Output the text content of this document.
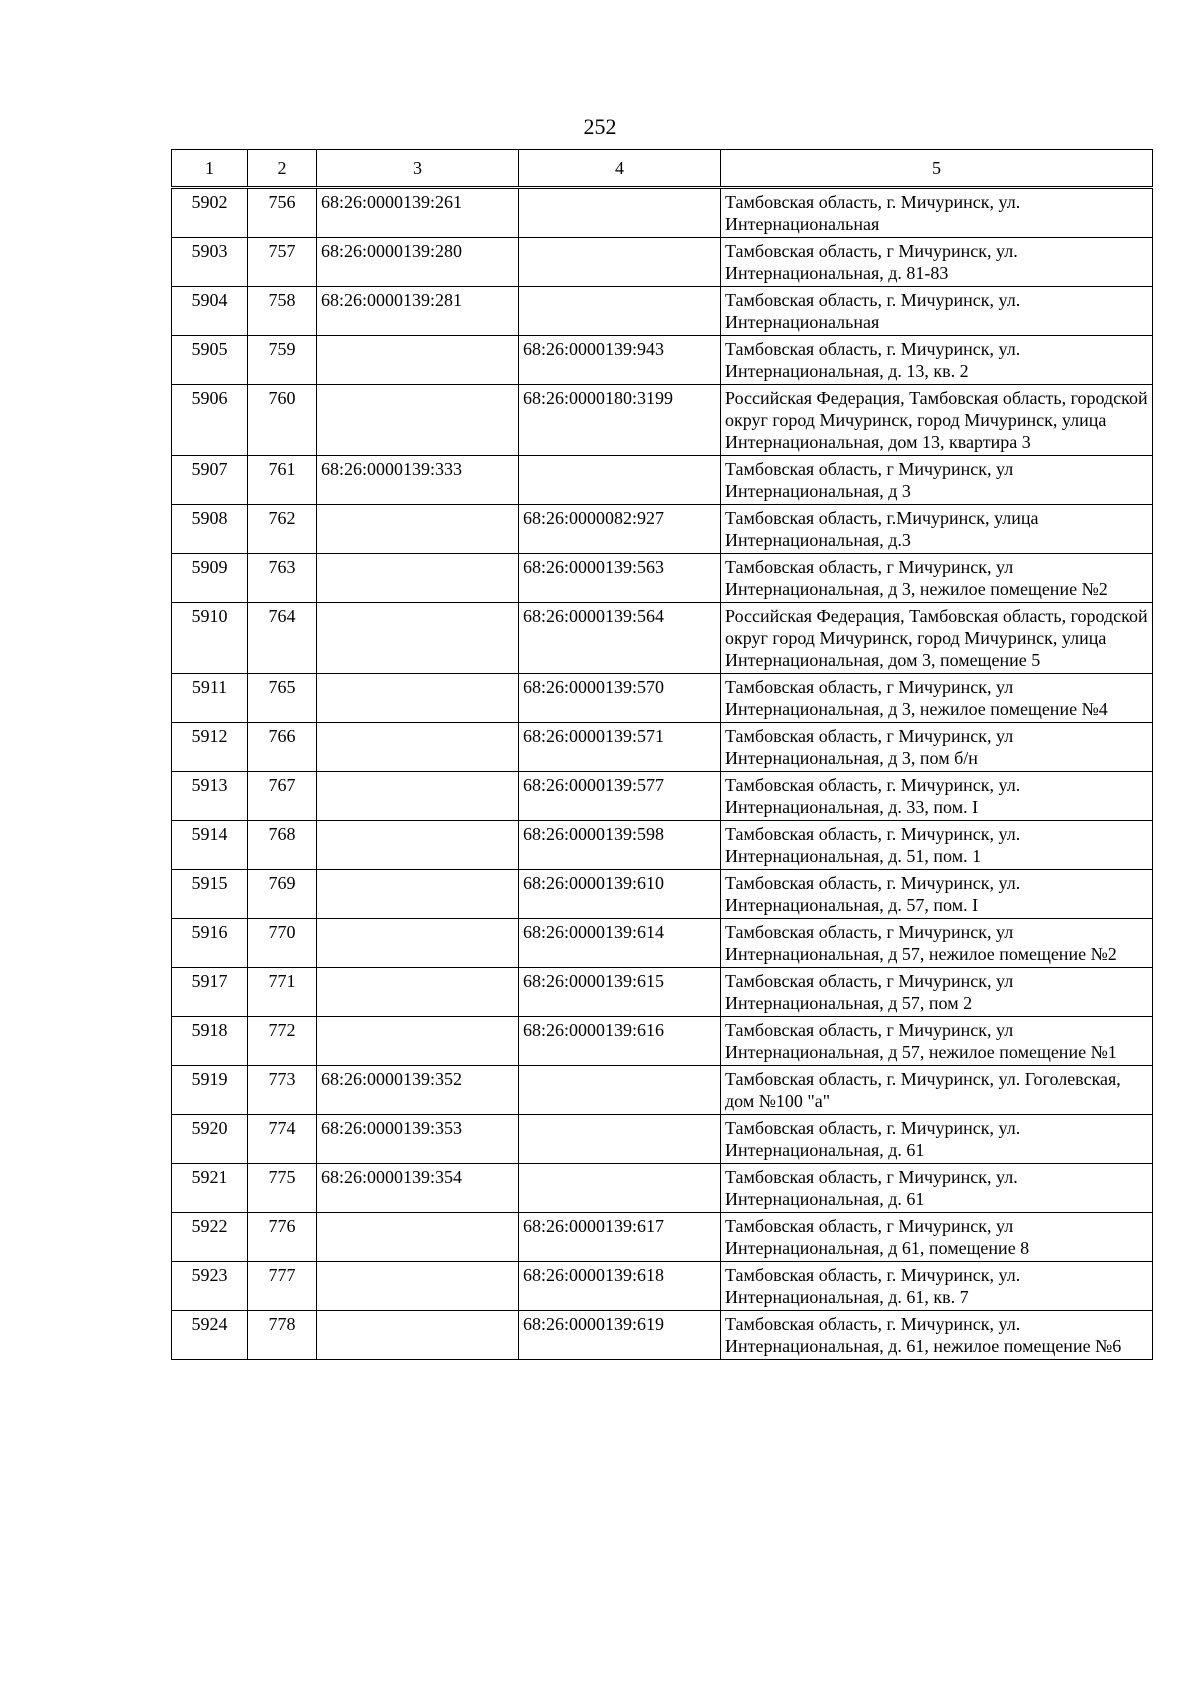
252
1	2	3	4	5
5902	756	68:26:0000139:261		Тамбовская область, г. Мичуринск, ул. Интернациональная
5903	757	68:26:0000139:280		Тамбовская область, г Мичуринск, ул. Интернациональная, д. 81-83
5904	758	68:26:0000139:281		Тамбовская область, г. Мичуринск, ул. Интернациональная
5905	759		68:26:0000139:943	Тамбовская область, г. Мичуринск, ул. Интернациональная, д. 13, кв. 2
5906	760		68:26:0000180:3199	Российская Федерация, Тамбовская область, городской округ город Мичуринск, город Мичуринск, улица Интернациональная, дом 13, квартира 3
5907	761	68:26:0000139:333		Тамбовская область, г Мичуринск, ул Интернациональная, д 3
5908	762		68:26:0000082:927	Тамбовская область, г.Мичуринск, улица Интернациональная, д.3
5909	763		68:26:0000139:563	Тамбовская область, г Мичуринск, ул Интернациональная, д 3, нежилое помещение №2
5910	764		68:26:0000139:564	Российская Федерация, Тамбовская область, городской округ город Мичуринск, город Мичуринск, улица Интернациональная, дом 3, помещение 5
5911	765		68:26:0000139:570	Тамбовская область, г Мичуринск, ул Интернациональная, д 3, нежилое помещение №4
5912	766		68:26:0000139:571	Тамбовская область, г Мичуринск, ул Интернациональная, д 3, пом б/н
5913	767		68:26:0000139:577	Тамбовская область, г. Мичуринск, ул. Интернациональная, д. 33, пом. I
5914	768		68:26:0000139:598	Тамбовская область, г. Мичуринск, ул. Интернациональная, д. 51, пом. 1
5915	769		68:26:0000139:610	Тамбовская область, г. Мичуринск, ул. Интернациональная, д. 57, пом. I
5916	770		68:26:0000139:614	Тамбовская область, г Мичуринск, ул Интернациональная, д 57, нежилое помещение №2
5917	771		68:26:0000139:615	Тамбовская область, г Мичуринск, ул Интернациональная, д 57, пом 2
5918	772		68:26:0000139:616	Тамбовская область, г Мичуринск, ул Интернациональная, д 57, нежилое помещение №1
5919	773	68:26:0000139:352		Тамбовская область, г. Мичуринск, ул. Гоголевская, дом №100 "а"
5920	774	68:26:0000139:353		Тамбовская область, г. Мичуринск, ул. Интернациональная, д. 61
5921	775	68:26:0000139:354		Тамбовская область, г Мичуринск, ул. Интернациональная, д. 61
5922	776		68:26:0000139:617	Тамбовская область, г Мичуринск, ул Интернациональная, д 61, помещение 8
5923	777		68:26:0000139:618	Тамбовская область, г. Мичуринск, ул. Интернациональная, д. 61, кв. 7
5924	778		68:26:0000139:619	Тамбовская область, г. Мичуринск, ул. Интернациональная, д. 61, нежилое помещение №6
